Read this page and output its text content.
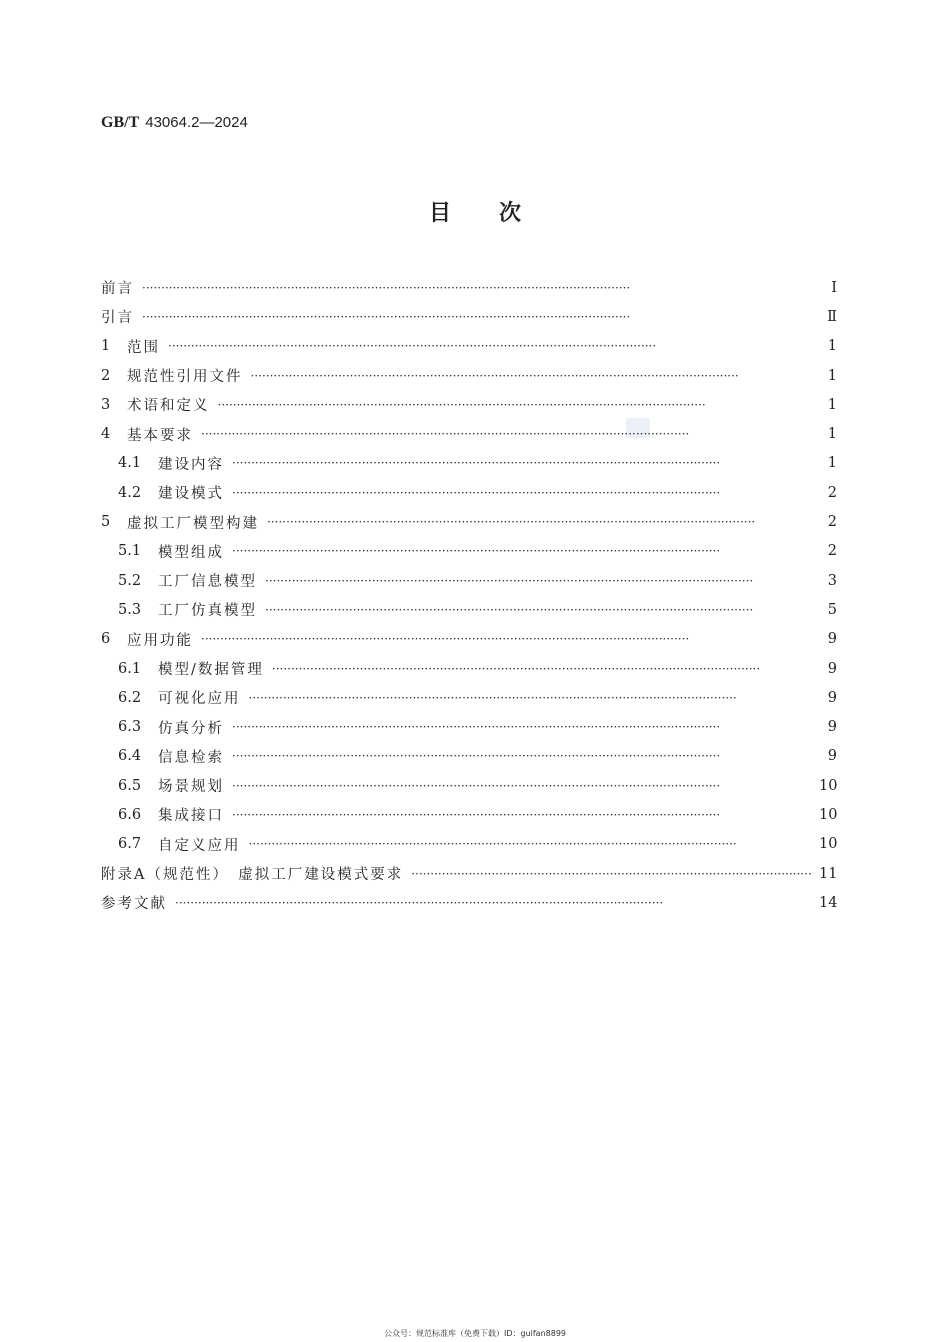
GB/T 43064.2—2024
目次
前言 ·····	Ⅰ
引言 ·····	Ⅱ
1	范围 ·····	1
2	规范性引用文件 ·····	1
3	术语和定义 ·····	1
4	基本要求 ·····	1
4.1	建设内容 ·····	1
4.2	建设模式 ·····	2
5	虚拟工厂模型构建 ·····	2
5.1	模型组成 ·····	2
5.2	工厂信息模型 ·····	3
5.3	工厂仿真模型 ·····	5
6	应用功能 ·····	9
6.1	模型/数据管理 ·····	9
6.2	可视化应用 ·····	9
6.3	仿真分析 ·····	9
6.4	信息检索 ·····	9
6.5	场景规划 ·····	10
6.6	集成接口 ·····	10
6.7	自定义应用 ·····	10
附录A（规范性）　虚拟工厂建设模式要求 ·····	11
参考文献 ·····	14
公众号：规范标准库（免费下载）ID：guifan8899
